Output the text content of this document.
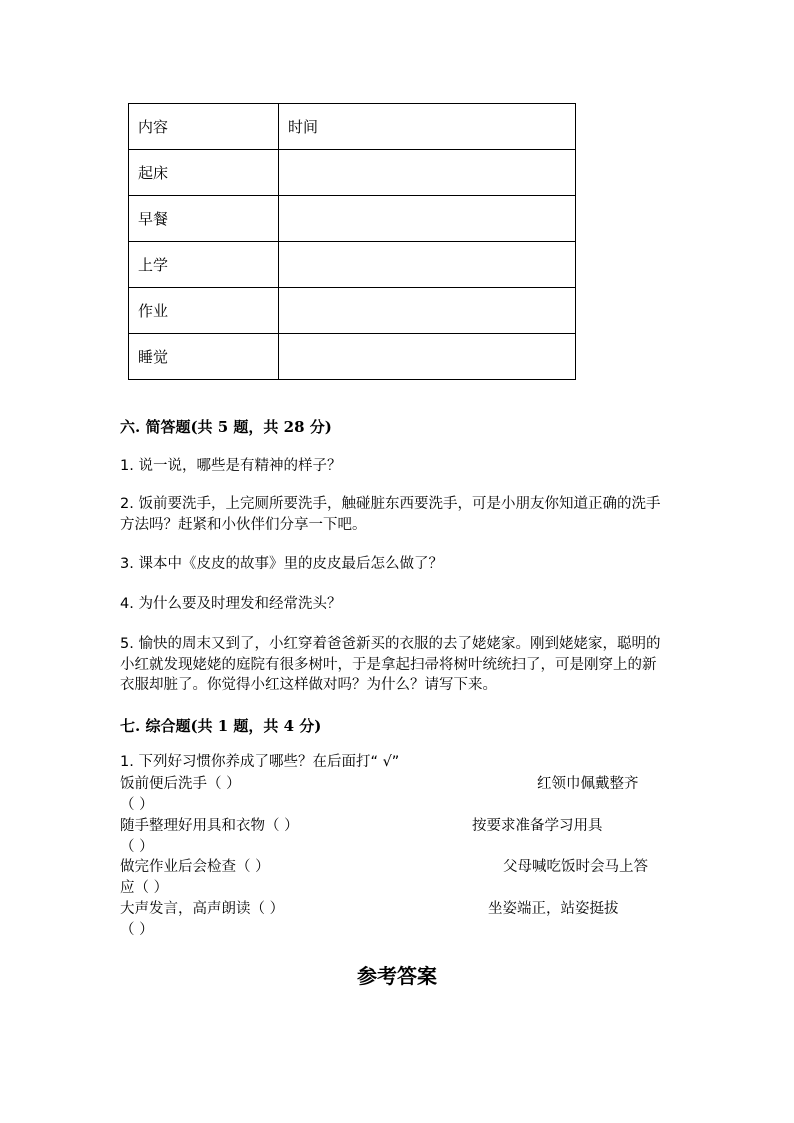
内容	时间
起床	
早餐	
上学	
作业	
睡觉	
六. 简答题(共 5 题，共 28 分)
1. 说一说，哪些是有精神的样子？
2. 饭前要洗手，上完厕所要洗手，触碰脏东西要洗手，可是小朋友你知道正确的洗手方法吗？赶紧和小伙伴们分享一下吧。
3. 课本中《皮皮的故事》里的皮皮最后怎么做了？
4. 为什么要及时理发和经常洗头？
5. 愉快的周末又到了，小红穿着爸爸新买的衣服的去了姥姥家。刚到姥姥家，聪明的小红就发现姥姥的庭院有很多树叶，于是拿起扫帚将树叶统统扫了，可是刚穿上的新衣服却脏了。你觉得小红这样做对吗？为什么？请写下来。
七. 综合题(共 1 题，共 4 分)
1. 下列好习惯你养成了哪些？在后面打“ √”
饭前便后洗手（ ）	红领巾佩戴整齐
（ ）
随手整理好用具和衣物（ ）	按要求准备学习用具
（ ）
做完作业后会检查（ ）	父母喊吃饭时会马上答
应（ ）
大声发言，高声朗读（ ）	坐姿端正，站姿挺拔
（ ）
参考答案
